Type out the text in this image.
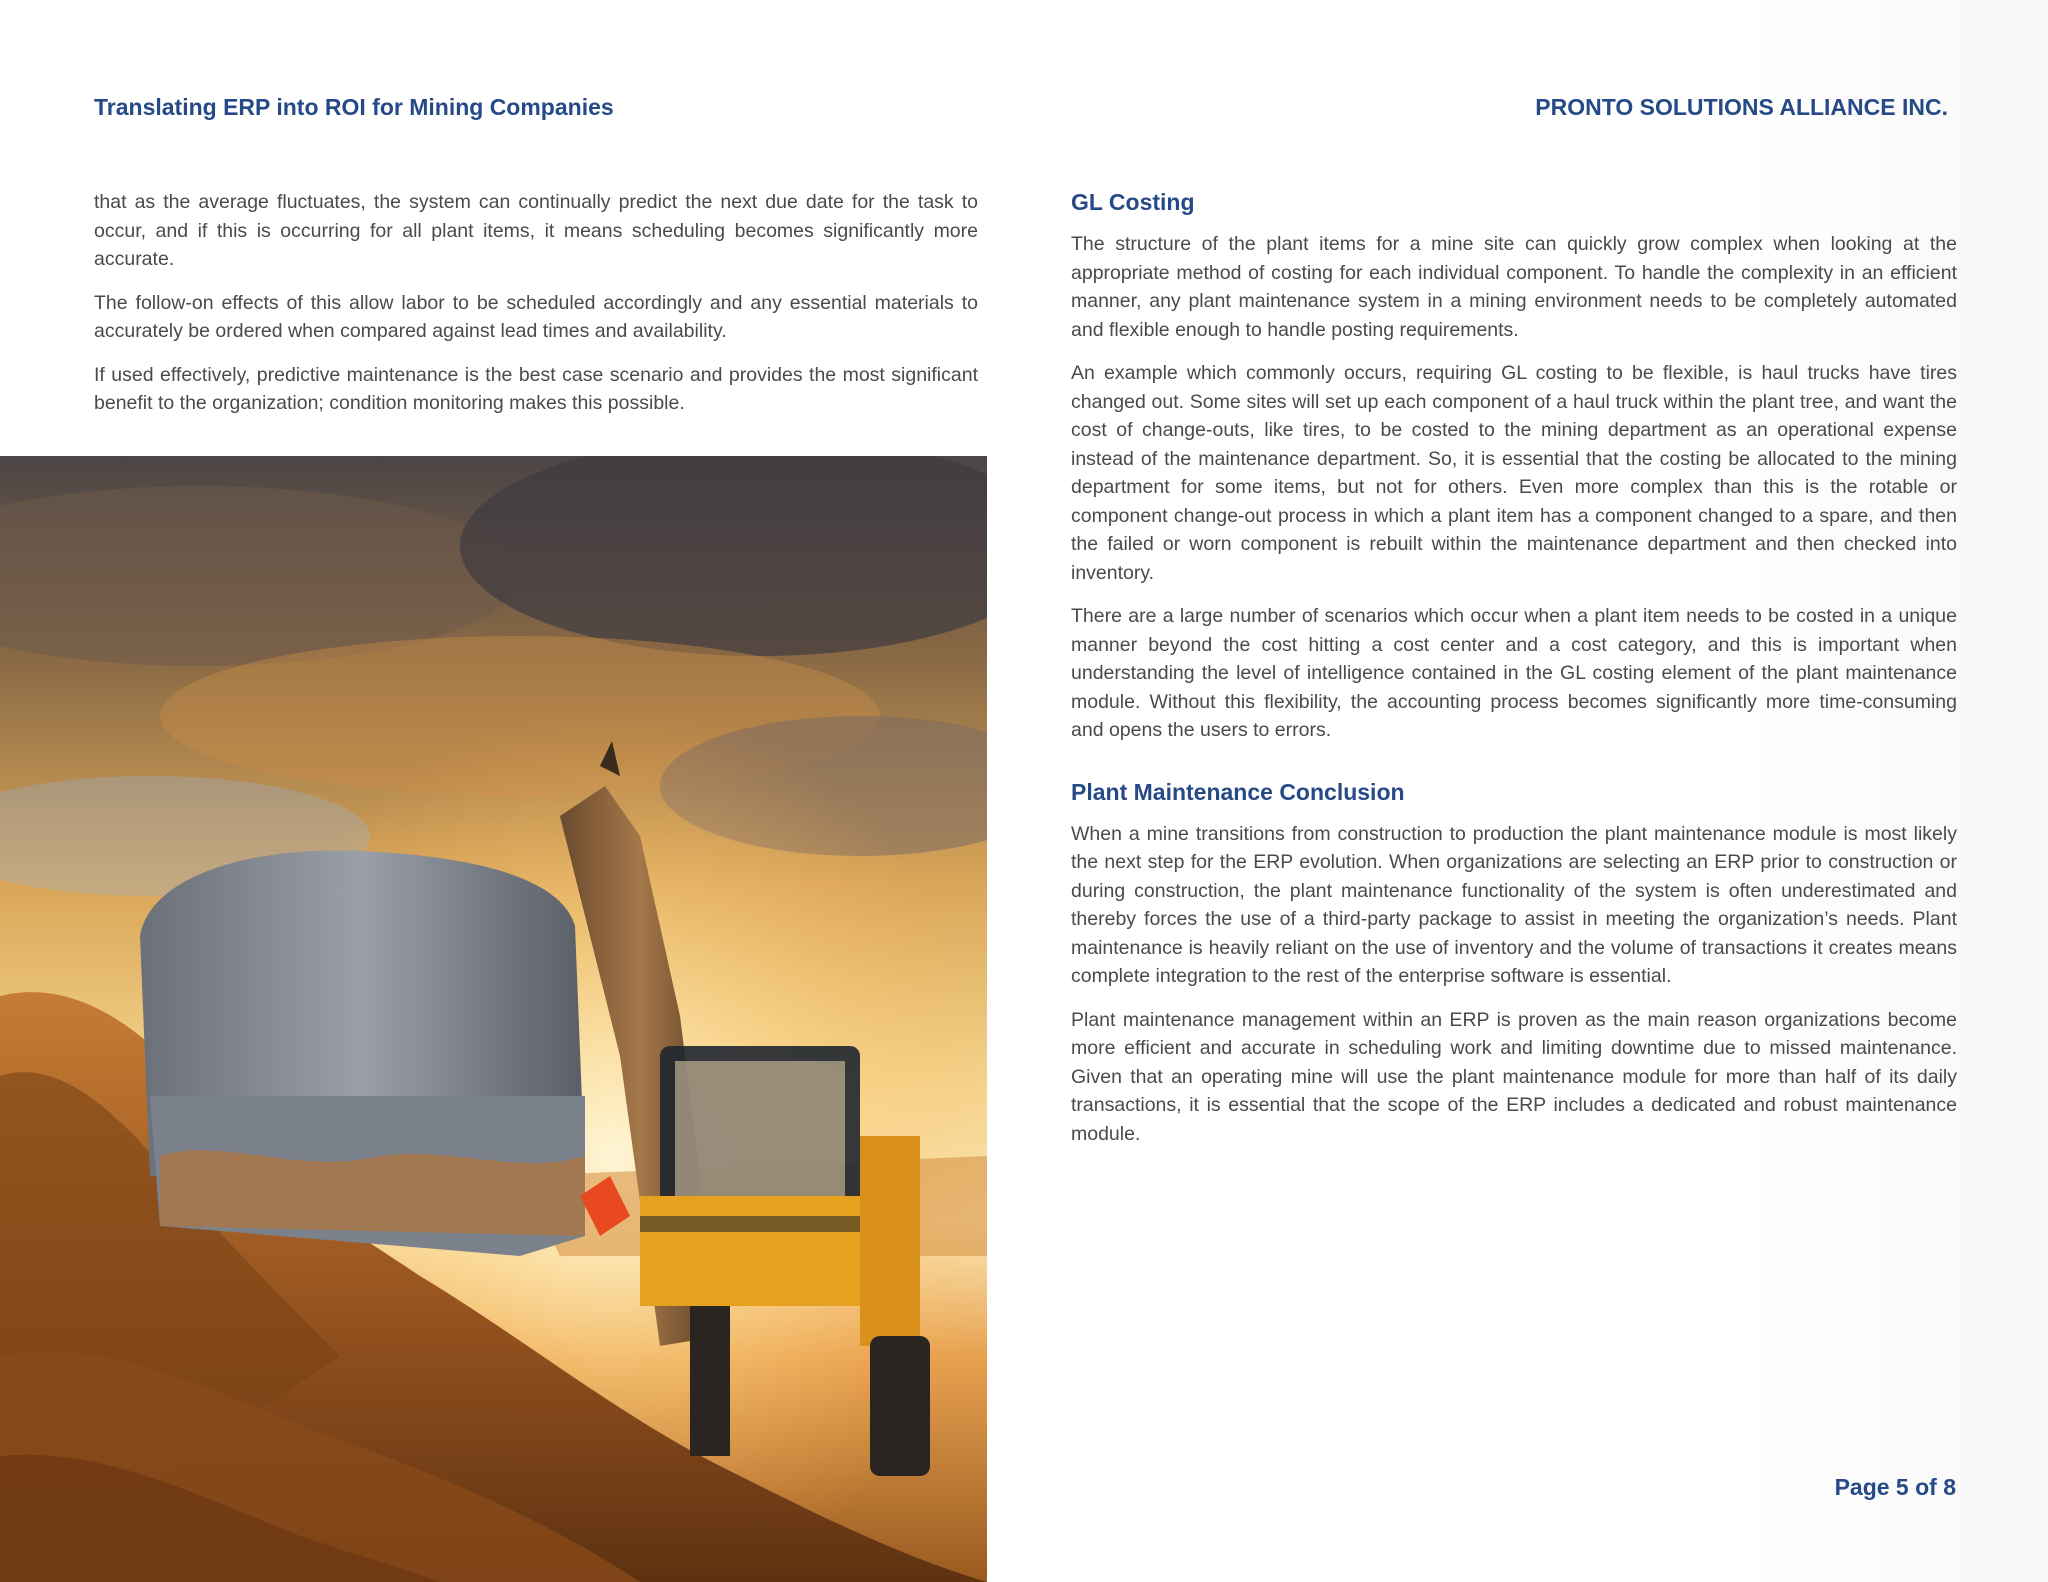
Translating ERP into ROI for Mining Companies	PRONTO SOLUTIONS ALLIANCE INC.

that as the average fluctuates, the system can continually predict the next due date for the task to occur, and if this is occurring for all plant items, it means scheduling becomes significantly more accurate.

The follow-on effects of this allow labor to be scheduled accordingly and any essential materials to accurately be ordered when compared against lead times and availability.

If used effectively, predictive maintenance is the best case scenario and provides the most significant benefit to the organization; condition monitoring makes this possible.

GL Costing

The structure of the plant items for a mine site can quickly grow complex when looking at the appropriate method of costing for each individual component. To handle the complexity in an efficient manner, any plant maintenance system in a mining environment needs to be completely automated and flexible enough to handle posting requirements.

An example which commonly occurs, requiring GL costing to be flexible, is haul trucks have tires changed out. Some sites will set up each component of a haul truck within the plant tree, and want the cost of change-outs, like tires, to be costed to the mining department as an operational expense instead of the maintenance department. So, it is essential that the costing be allocated to the mining department for some items, but not for others. Even more complex than this is the rotable or component change-out process in which a plant item has a component changed to a spare, and then the failed or worn component is rebuilt within the maintenance department and then checked into inventory.

There are a large number of scenarios which occur when a plant item needs to be costed in a unique manner beyond the cost hitting a cost center and a cost category, and this is important when understanding the level of intelligence contained in the GL costing element of the plant maintenance module. Without this flexibility, the accounting process becomes significantly more time-consuming and opens the users to errors.

Plant Maintenance Conclusion

When a mine transitions from construction to production the plant maintenance module is most likely the next step for the ERP evolution. When organizations are selecting an ERP prior to construction or during construction, the plant maintenance functionality of the system is often underestimated and thereby forces the use of a third-party package to assist in meeting the organization’s needs. Plant maintenance is heavily reliant on the use of inventory and the volume of transactions it creates means complete integration to the rest of the enterprise software is essential.

Plant maintenance management within an ERP is proven as the main reason organizations become more efficient and accurate in scheduling work and limiting downtime due to missed maintenance. Given that an operating mine will use the plant maintenance module for more than half of its daily transactions, it is essential that the scope of the ERP includes a dedicated and robust maintenance module.

Page 5 of 8
